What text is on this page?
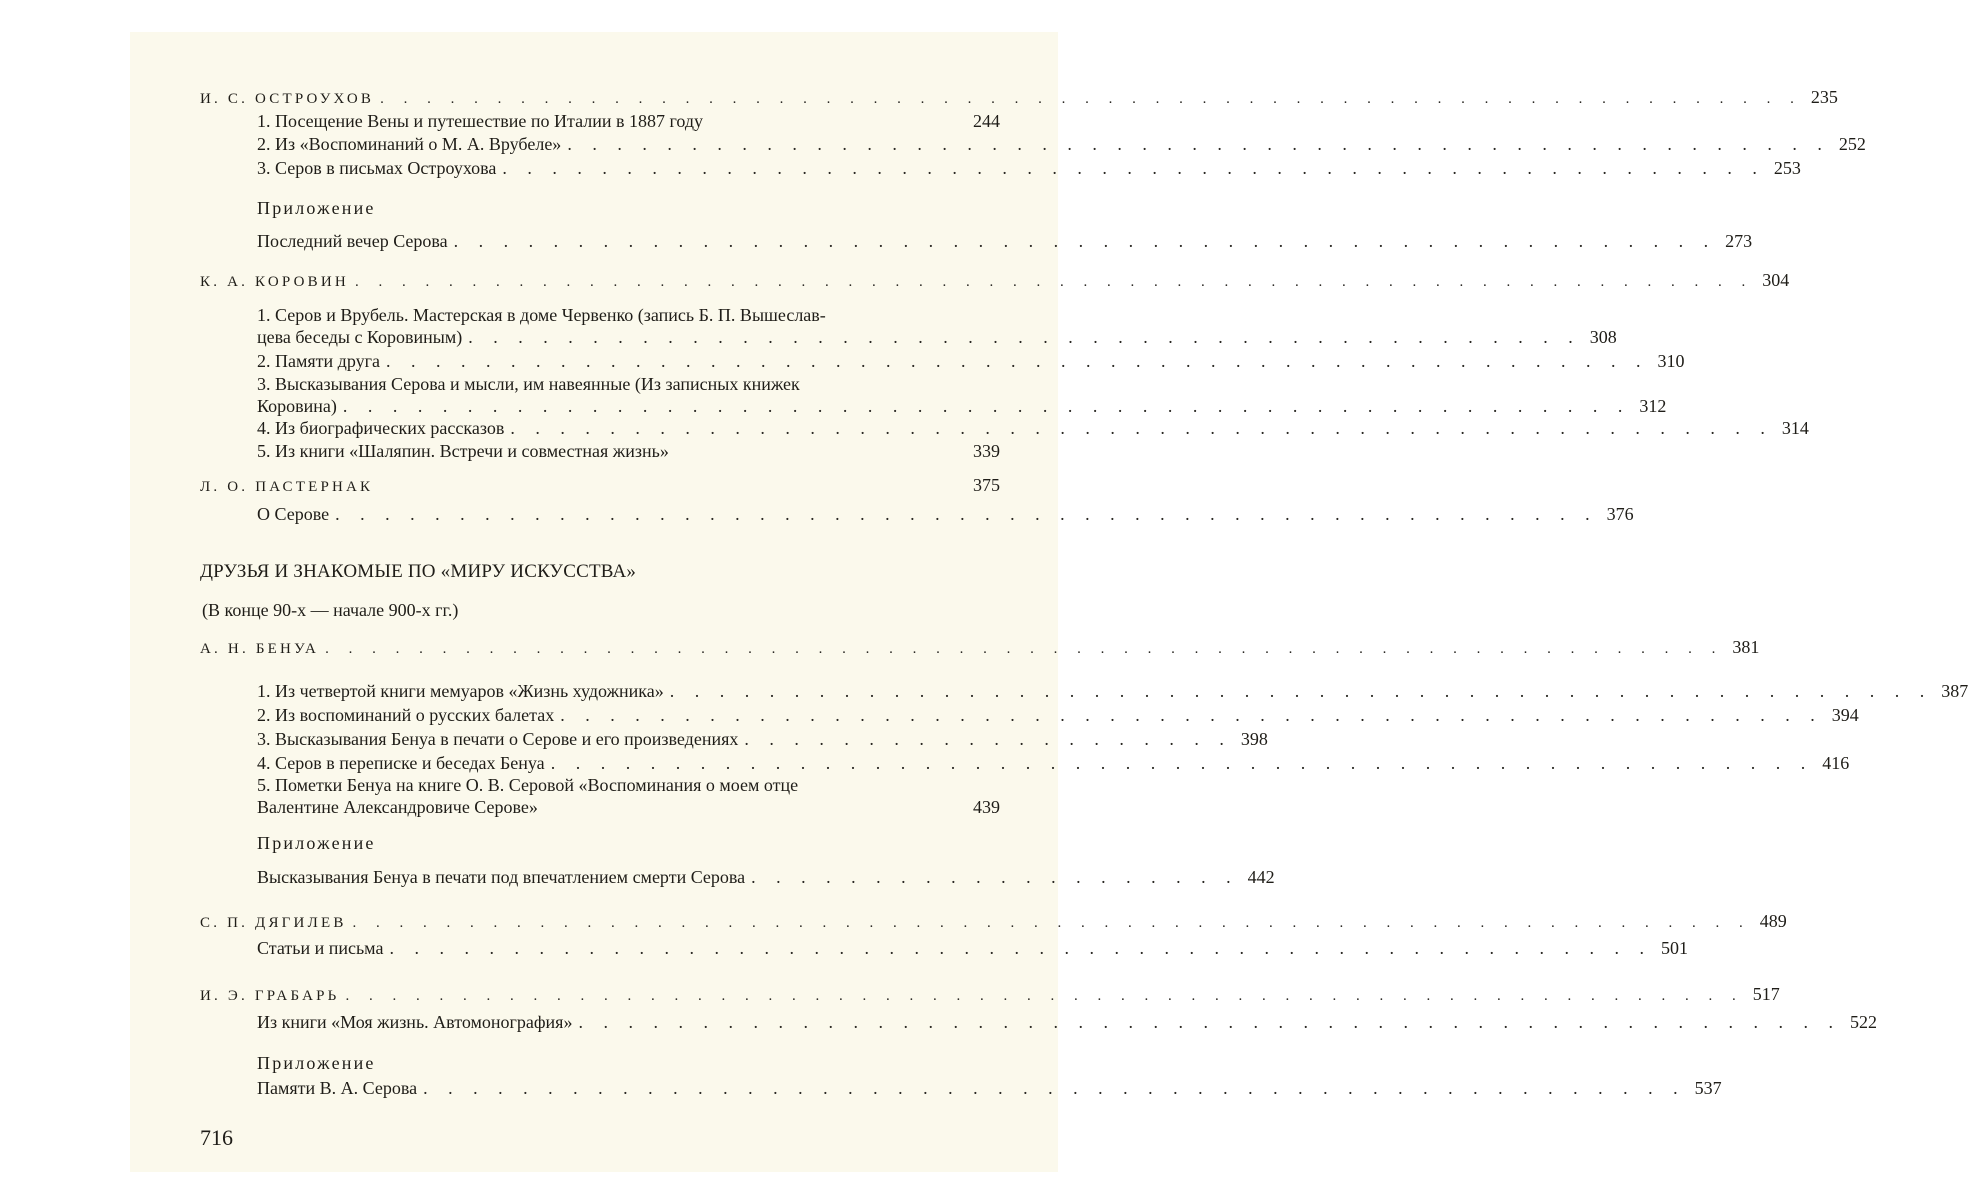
И. С. ОСТРОУХОВ . . . . . . . . . . . . . . . . . . . . . . . . . . . . . . . . . . . . . . . . . . . . . . . . . . . . . . . . . . . . . 235
1. Посещение Вены и путешествие по Италии в 1887 году	244
2. Из «Воспоминаний о М. А. Врубеле» . . . . . . . . . . . . . . . . . . . . . . . . . . . . . . . . . . . . . . . . . . . . . . . . . . . 252
3. Серов в письмах Остроухова . . . . . . . . . . . . . . . . . . . . . . . . . . . . . . . . . . . . . . . . . . . . . . . . . . . 253
Приложение
Последний вечер Серова . . . . . . . . . . . . . . . . . . . . . . . . . . . . . . . . . . . . . . . . . . . . . . . . . . . 273
К. А. КОРОВИН . . . . . . . . . . . . . . . . . . . . . . . . . . . . . . . . . . . . . . . . . . . . . . . . . . . . . . . . . . . . 304
1. Серов и Врубель. Мастерская в доме Червенко (запись Б. П. Вышеслав-
цева беседы с Коровиным) . . . . . . . . . . . . . . . . . . . . . . . . . . . . . . . . . . . . . . . . . . . . . 308
2. Памяти друга . . . . . . . . . . . . . . . . . . . . . . . . . . . . . . . . . . . . . . . . . . . . . . . . . . . 310
3. Высказывания Серова и мысли, им навеянные (Из записных книжек
Коровина) . . . . . . . . . . . . . . . . . . . . . . . . . . . . . . . . . . . . . . . . . . . . . . . . . . . . 312
4. Из биографических рассказов . . . . . . . . . . . . . . . . . . . . . . . . . . . . . . . . . . . . . . . . . . . . . . . . . . . 314
5. Из книги «Шаляпин. Встречи и совместная жизнь»	339
Л. О. ПАСТЕРНАК	375
О Серове . . . . . . . . . . . . . . . . . . . . . . . . . . . . . . . . . . . . . . . . . . . . . . . . . . . 376
ДРУЗЬЯ И ЗНАКОМЫЕ ПО «МИРУ ИСКУССТВА»
(В конце 90-х — начале 900-х гг.)
А. Н. БЕНУА . . . . . . . . . . . . . . . . . . . . . . . . . . . . . . . . . . . . . . . . . . . . . . . . . . . . . . . . . . . . 381
1. Из четвертой книги мемуаров «Жизнь художника» . . . . . . . . . . . . . . . . . . . . . . . . . . . . . . . . . . . . . . . . . . . . . . . . . . . 387
2. Из воспоминаний о русских балетах . . . . . . . . . . . . . . . . . . . . . . . . . . . . . . . . . . . . . . . . . . . . . . . . . . . 394
3. Высказывания Бенуа в печати о Серове и его произведениях . . . . . . . . . . . . . . . . . . . . 398
4. Серов в переписке и беседах Бенуа . . . . . . . . . . . . . . . . . . . . . . . . . . . . . . . . . . . . . . . . . . . . . . . . . . . 416
5. Пометки Бенуа на книге О. В. Серовой «Воспоминания о моем отце
Валентине Александровиче Серове»	439
Приложение
Высказывания Бенуа в печати под впечатлением смерти Серова . . . . . . . . . . . . . . . . . . . . 442
С. П. ДЯГИЛЕВ . . . . . . . . . . . . . . . . . . . . . . . . . . . . . . . . . . . . . . . . . . . . . . . . . . . . . . . . . . . . 489
Статьи и письма . . . . . . . . . . . . . . . . . . . . . . . . . . . . . . . . . . . . . . . . . . . . . . . . . . . 501
И. Э. ГРАБАРЬ . . . . . . . . . . . . . . . . . . . . . . . . . . . . . . . . . . . . . . . . . . . . . . . . . . . . . . . . . . . . 517
Из книги «Моя жизнь. Автомонография» . . . . . . . . . . . . . . . . . . . . . . . . . . . . . . . . . . . . . . . . . . . . . . . . . . . 522
Приложение
Памяти В. А. Серова . . . . . . . . . . . . . . . . . . . . . . . . . . . . . . . . . . . . . . . . . . . . . . . . . . . 537
716
